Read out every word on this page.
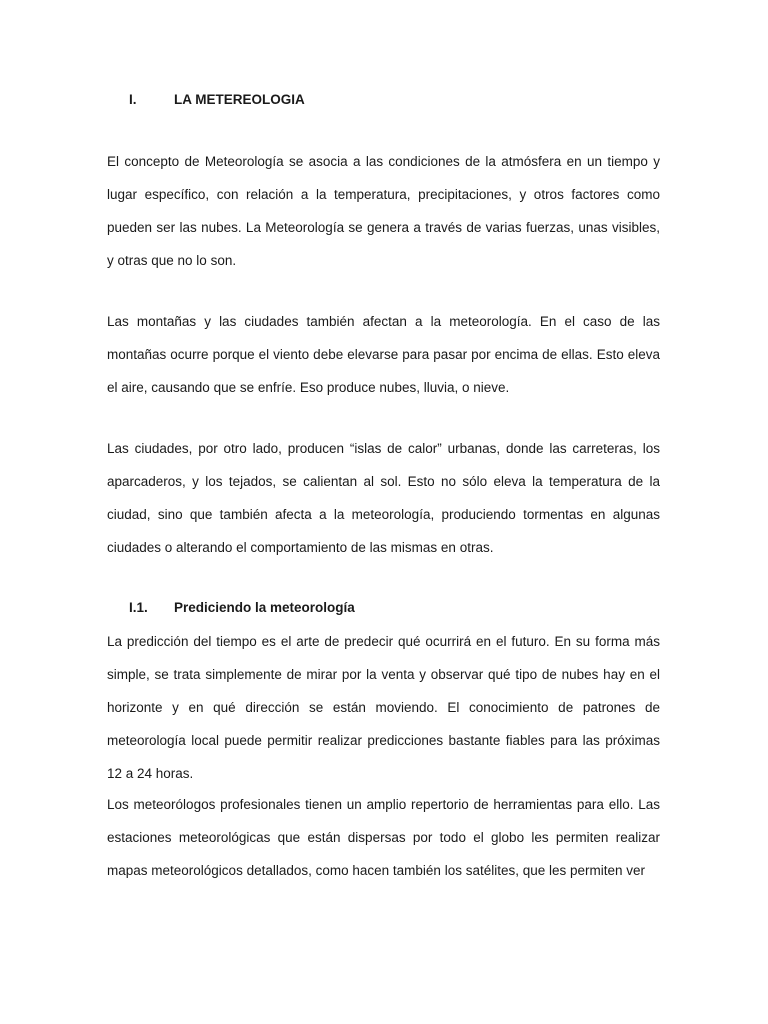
I.	LA METEREOLOGIA

El concepto de Meteorología se asocia a las condiciones de la atmósfera en un tiempo y lugar específico, con relación a la temperatura, precipitaciones, y otros factores como pueden ser las nubes. La Meteorología se genera a través de varias fuerzas, unas visibles, y otras que no lo son.

Las montañas y las ciudades también afectan a la meteorología. En el caso de las montañas ocurre porque el viento debe elevarse para pasar por encima de ellas. Esto eleva el aire, causando que se enfríe. Eso produce nubes, lluvia, o nieve.

Las ciudades, por otro lado, producen “islas de calor” urbanas, donde las carreteras, los aparcaderos, y los tejados, se calientan al sol. Esto no sólo eleva la temperatura de la ciudad, sino que también afecta a la meteorología, produciendo tormentas en algunas ciudades o alterando el comportamiento de las mismas en otras.

I.1. Prediciendo la meteorología

La predicción del tiempo es el arte de predecir qué ocurrirá en el futuro. En su forma más simple, se trata simplemente de mirar por la venta y observar qué tipo de nubes hay en el horizonte y en qué dirección se están moviendo. El conocimiento de patrones de meteorología local puede permitir realizar predicciones bastante fiables para las próximas 12 a 24 horas.

Los meteorólogos profesionales tienen un amplio repertorio de herramientas para ello. Las estaciones meteorológicas que están dispersas por todo el globo les permiten realizar mapas meteorológicos detallados, como hacen también los satélites, que les permiten ver
